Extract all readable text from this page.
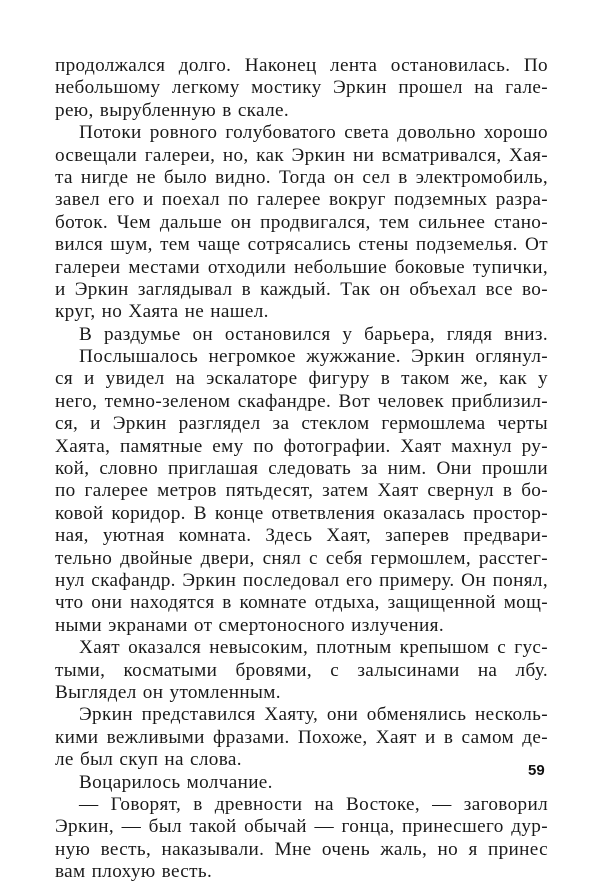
продолжался долго. Наконец лента остановилась. По
небольшому легкому мостику Эркин прошел на гале-
рею, вырубленную в скале.
Потоки ровного голубоватого света довольно хорошо
освещали галереи, но, как Эркин ни всматривался, Хая-
та нигде не было видно. Тогда он сел в электромобиль,
завел его и поехал по галерее вокруг подземных разра-
боток. Чем дальше он продвигался, тем сильнее стано-
вился шум, тем чаще сотрясались стены подземелья. От
галереи местами отходили небольшие боковые тупички,
и Эркин заглядывал в каждый. Так он объехал все во-
круг, но Хаята не нашел.
В раздумье он остановился у барьера, глядя вниз.
Послышалось негромкое жужжание. Эркин оглянул-
ся и увидел на эскалаторе фигуру в таком же, как у
него, темно-зеленом скафандре. Вот человек приблизил-
ся, и Эркин разглядел за стеклом гермошлема черты
Хаята, памятные ему по фотографии. Хаят махнул ру-
кой, словно приглашая следовать за ним. Они прошли
по галерее метров пятьдесят, затем Хаят свернул в бо-
ковой коридор. В конце ответвления оказалась простор-
ная, уютная комната. Здесь Хаят, заперев предвари-
тельно двойные двери, снял с себя гермошлем, расстег-
нул скафандр. Эркин последовал его примеру. Он понял,
что они находятся в комнате отдыха, защищенной мощ-
ными экранами от смертоносного излучения.
Хаят оказался невысоким, плотным крепышом с гус-
тыми, косматыми бровями, с залысинами на лбу.
Выглядел он утомленным.
Эркин представился Хаяту, они обменялись несколь-
кими вежливыми фразами. Похоже, Хаят и в самом де-
ле был скуп на слова.
Воцарилось молчание.
— Говорят, в древности на Востоке, — заговорил
Эркин, — был такой обычай — гонца, принесшего дур-
ную весть, наказывали. Мне очень жаль, но я принес
вам плохую весть.
59
